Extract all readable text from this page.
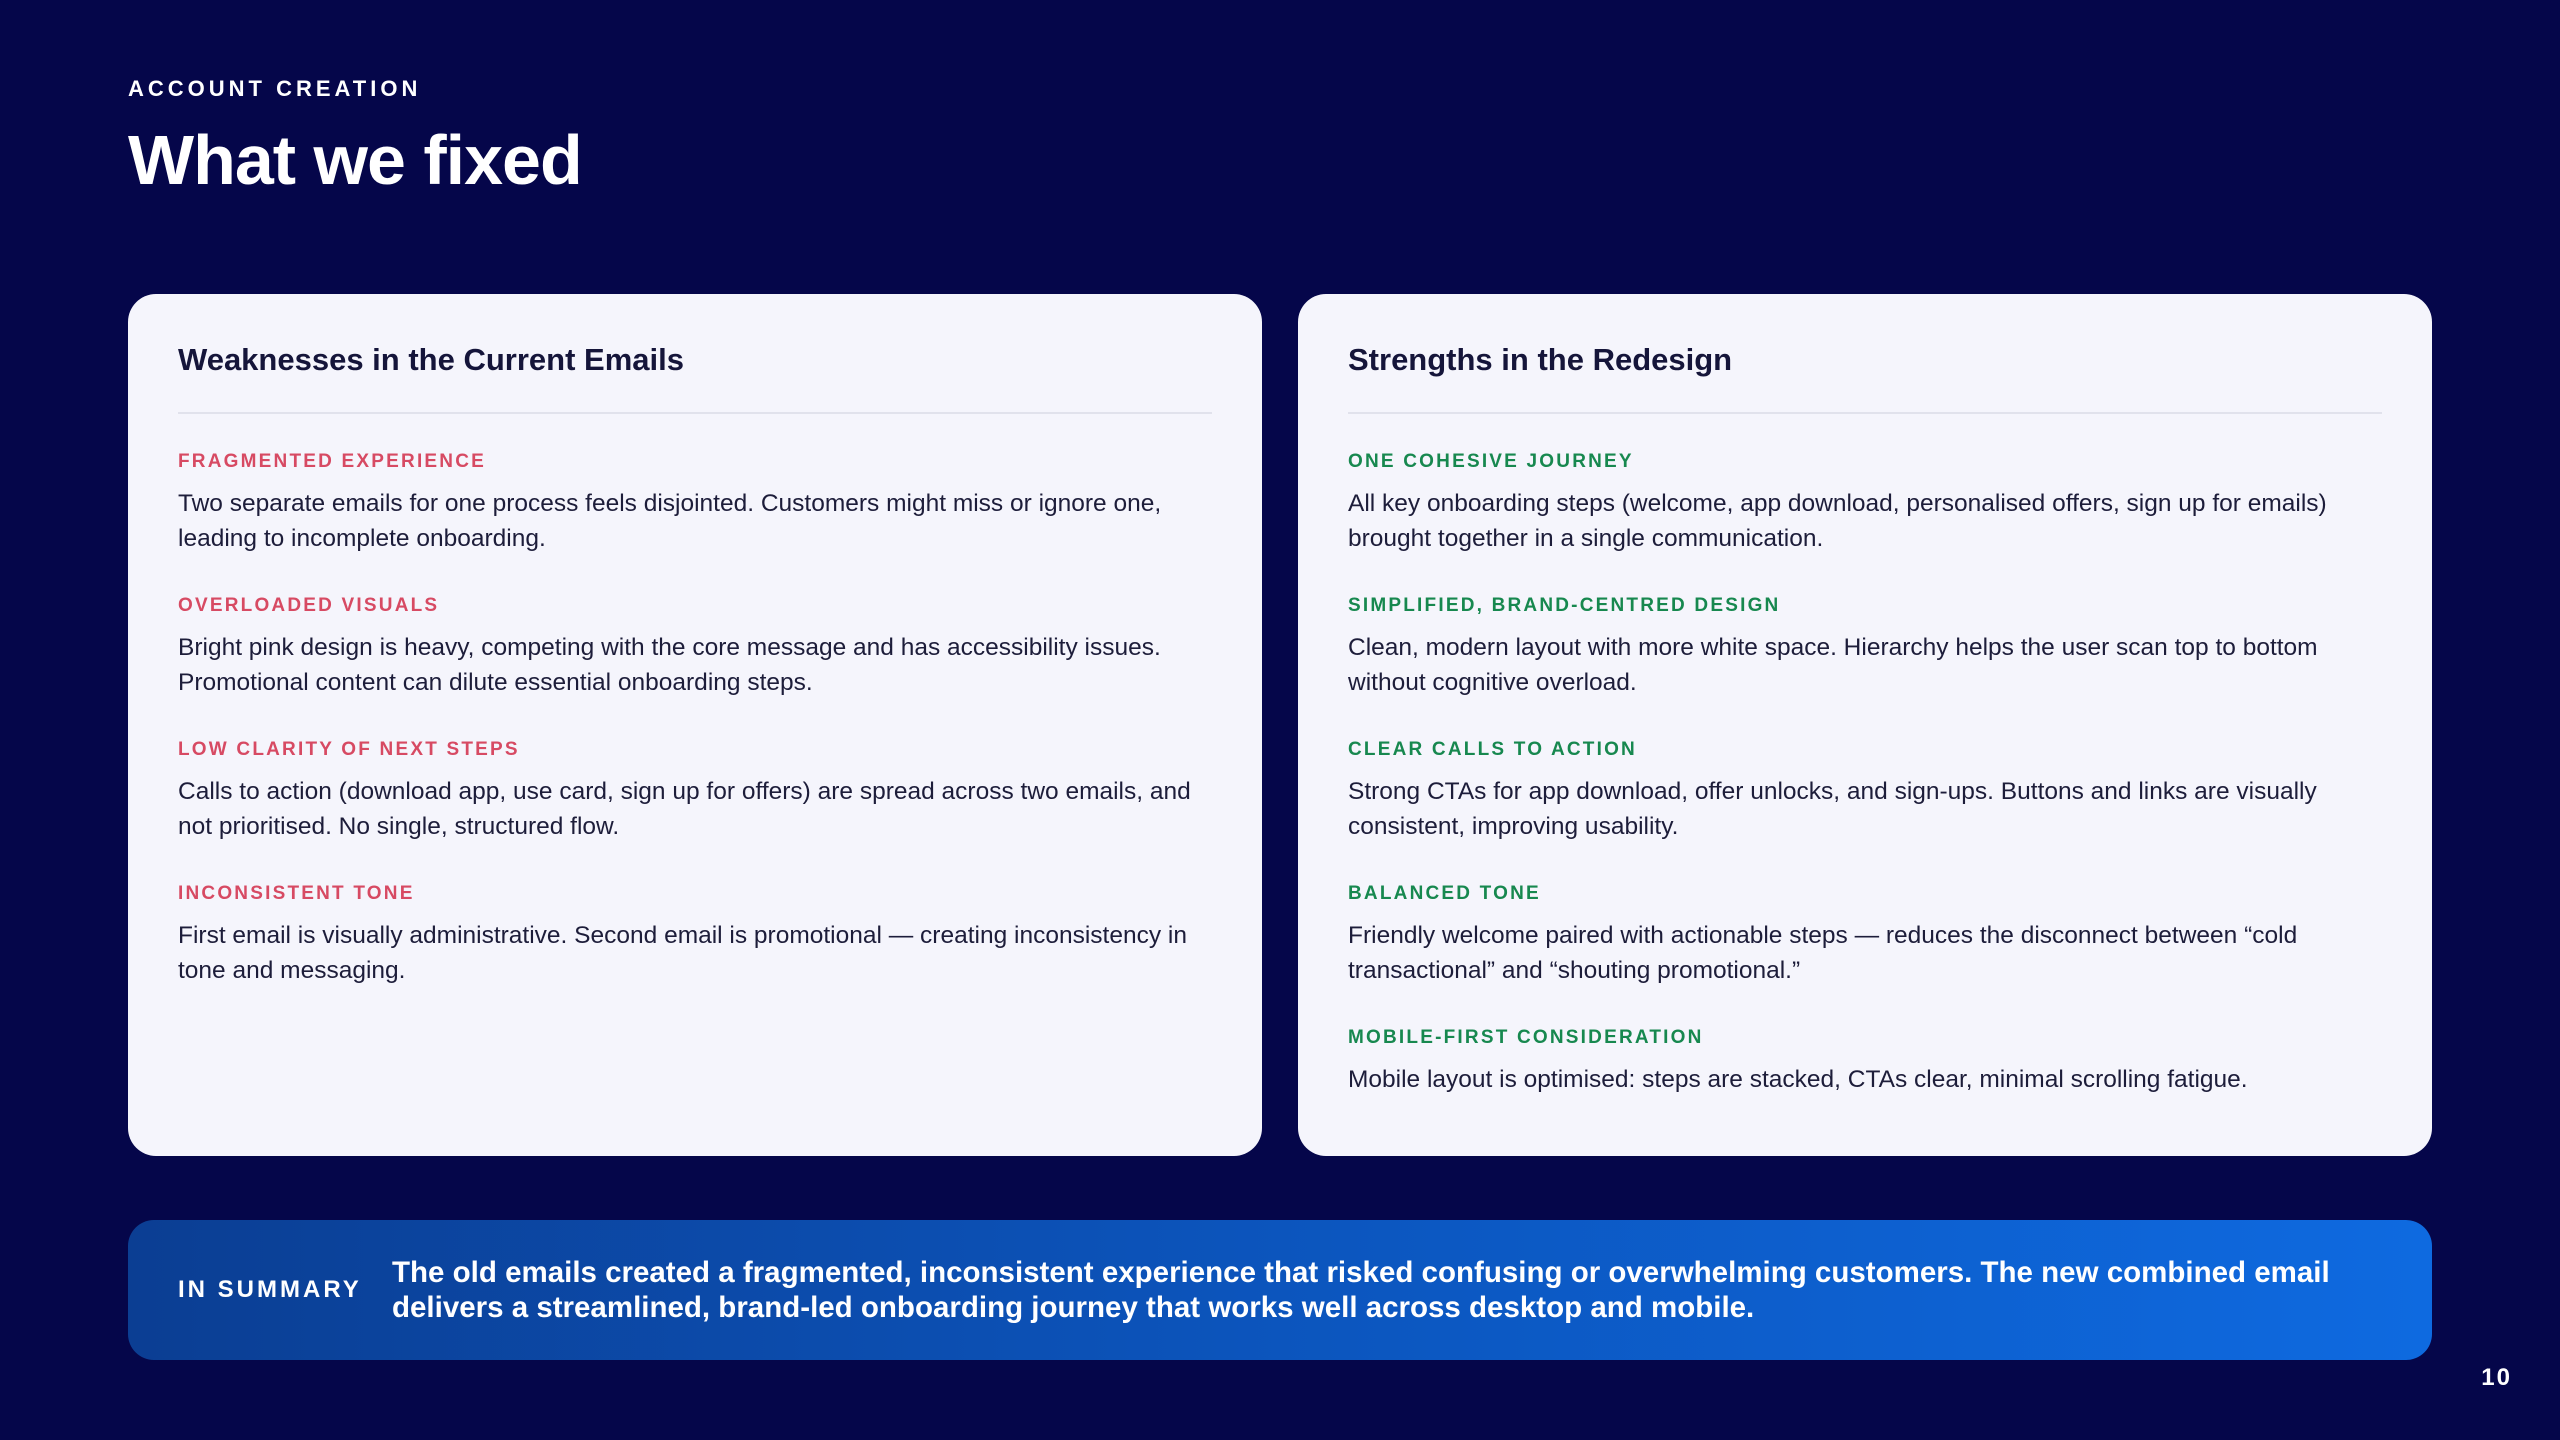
ACCOUNT CREATION
What we fixed
Weaknesses in the Current Emails
FRAGMENTED EXPERIENCE
Two separate emails for one process feels disjointed. Customers might miss or ignore one, leading to incomplete onboarding.
OVERLOADED VISUALS
Bright pink design is heavy, competing with the core message and has accessibility issues. Promotional content can dilute essential onboarding steps.
LOW CLARITY OF NEXT STEPS
Calls to action (download app, use card, sign up for offers) are spread across two emails, and not prioritised. No single, structured flow.
INCONSISTENT TONE
First email is visually administrative. Second email is promotional — creating inconsistency in tone and messaging.
Strengths in the Redesign
ONE COHESIVE JOURNEY
All key onboarding steps (welcome, app download, personalised offers, sign up for emails) brought together in a single communication.
SIMPLIFIED, BRAND-CENTRED DESIGN
Clean, modern layout with more white space. Hierarchy helps the user scan top to bottom without cognitive overload.
CLEAR CALLS TO ACTION
Strong CTAs for app download, offer unlocks, and sign-ups. Buttons and links are visually consistent, improving usability.
BALANCED TONE
Friendly welcome paired with actionable steps — reduces the disconnect between “cold transactional” and “shouting promotional.”
MOBILE-FIRST CONSIDERATION
Mobile layout is optimised: steps are stacked, CTAs clear, minimal scrolling fatigue.
IN SUMMARY
The old emails created a fragmented, inconsistent experience that risked confusing or overwhelming customers. The new combined email delivers a streamlined, brand-led onboarding journey that works well across desktop and mobile.
10
